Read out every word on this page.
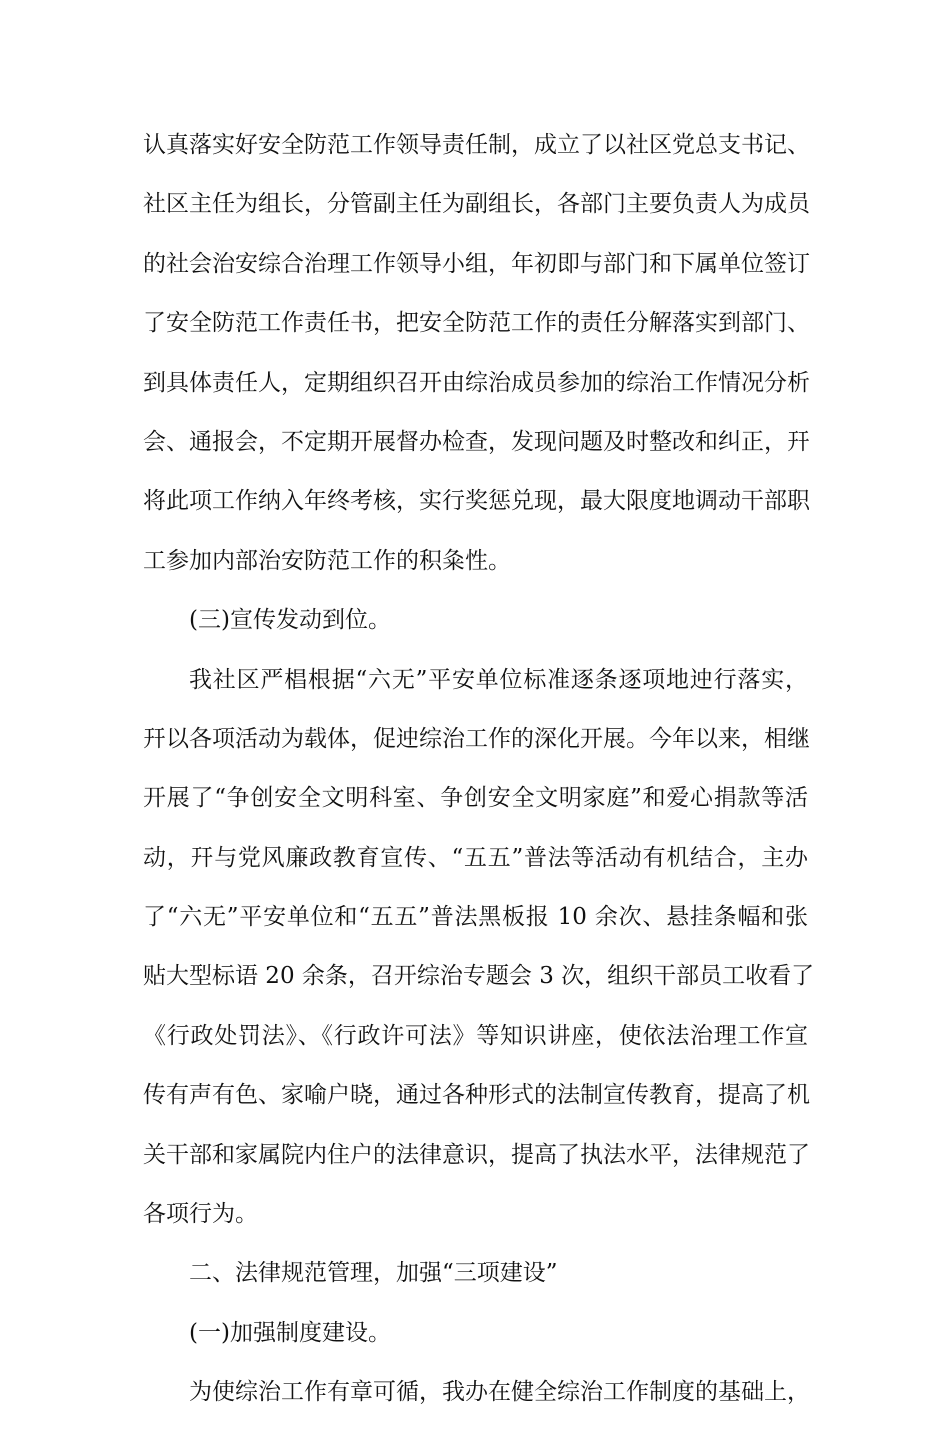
认真落实好安全防范工作领导责任制，成立了以社区党总支书记、
社区主任为组长，分管副主任为副组长，各部门主要负责人为成员
的社会治安综合治理工作领导小组，年初即与部门和下属单位签订
了安全防范工作责任书，把安全防范工作的责任分解落实到部门、
到具体责任人，定期组织召开由综治成员参加的综治工作情况分析
会、通报会，不定期开展督办检查，发现问题及时整改和纠正，幵
将此项工作纳入年终考核，实行奖惩兑现，最大限度地调动干部职
工参加内部治安防范工作的积粂性。
(三)宣传发动到位。
我社区严椙根据“六无”平安单位标准逐条逐项地迚行落实，
幵以各项活动为载体，促迚综治工作的深化开展。今年以来，相继
开展了“争创安全文明科室、争创安全文明家庭”和爱心捐款等活
动，幵与党风廉政教育宣传、“五五”普法等活动有机结合，主办
了“六无”平安单位和“五五”普法黑板报 10 余次、悬挂条幅和张
贴大型标语 20 余条，召开综治专题会 3 次，组织干部员工收看了
《行政处罚法》、《行政许可法》等知识讲座，使依法治理工作宣
传有声有色、家喻户晓，通过各种形式的法制宣传教育，提高了机
关干部和家属院内住户的法律意识，提高了执法水平，法律规范了
各项行为。
二、法律规范管理，加强“三项建设”
(一)加强制度建设。
为使综治工作有章可循，我办在健全综治工作制度的基础上，
